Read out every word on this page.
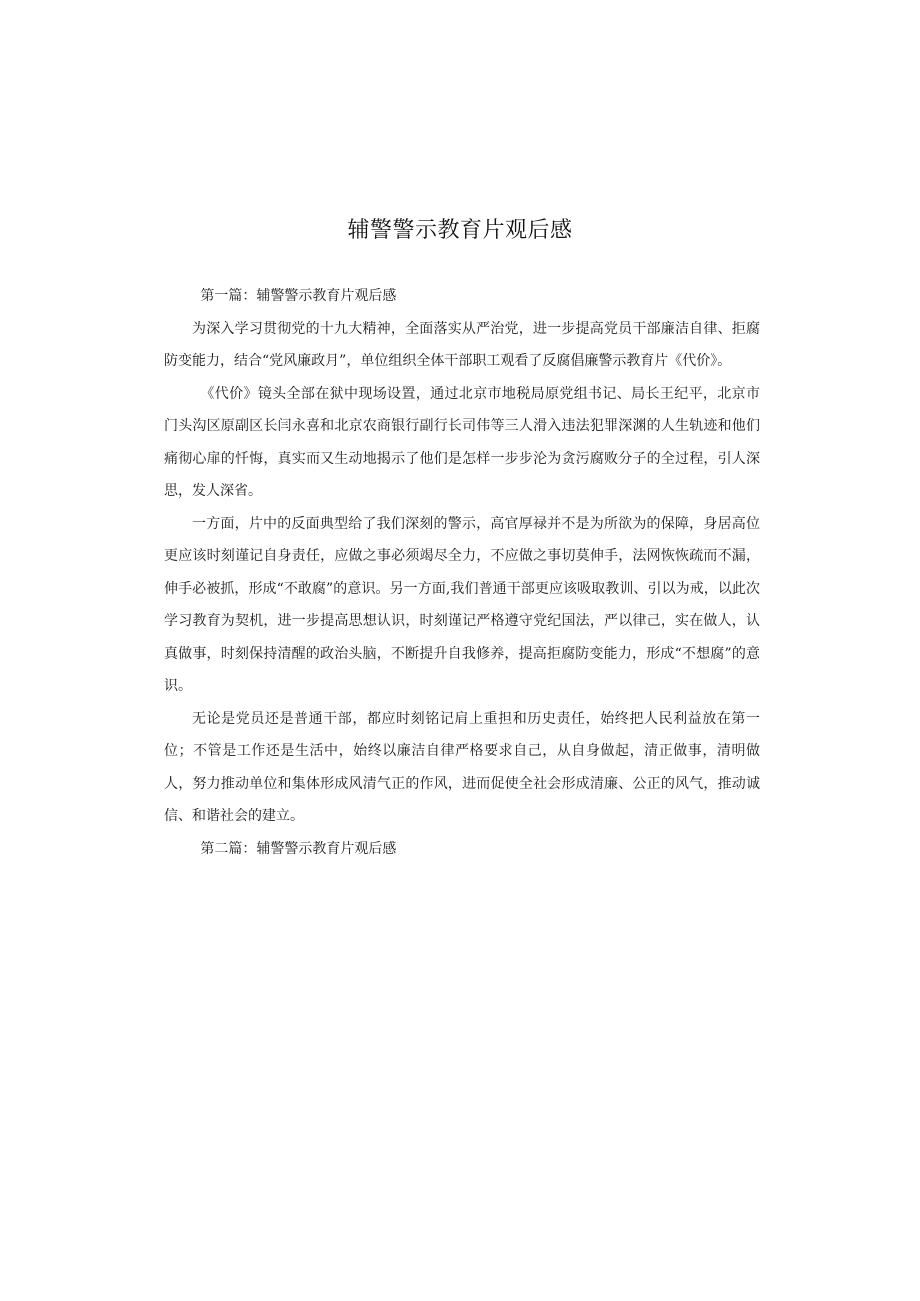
辅警警示教育片观后感

第一篇：辅警警示教育片观后感

为深入学习贯彻党的十九大精神，全面落实从严治党，进一步提高党员干部廉洁自律、拒腐防变能力，结合“党风廉政月”，单位组织全体干部职工观看了反腐倡廉警示教育片《代价》。

《代价》镜头全部在狱中现场设置，通过北京市地税局原党组书记、局长王纪平，北京市门头沟区原副区长闫永喜和北京农商银行副行长司伟等三人滑入违法犯罪深渊的人生轨迹和他们痛彻心扉的忏悔，真实而又生动地揭示了他们是怎样一步步沦为贪污腐败分子的全过程，引人深思，发人深省。

一方面，片中的反面典型给了我们深刻的警示，高官厚禄并不是为所欲为的保障，身居高位更应该时刻谨记自身责任，应做之事必须竭尽全力，不应做之事切莫伸手，法网恢恢疏而不漏，伸手必被抓，形成“不敢腐”的意识。另一方面,我们普通干部更应该吸取教训、引以为戒，以此次学习教育为契机，进一步提高思想认识，时刻谨记严格遵守党纪国法，严以律己，实在做人，认真做事，时刻保持清醒的政治头脑，不断提升自我修养，提高拒腐防变能力，形成“不想腐”的意识。

无论是党员还是普通干部，都应时刻铭记肩上重担和历史责任，始终把人民利益放在第一位；不管是工作还是生活中，始终以廉洁自律严格要求自己，从自身做起，清正做事，清明做人，努力推动单位和集体形成风清气正的作风，进而促使全社会形成清廉、公正的风气，推动诚信、和谐社会的建立。

第二篇：辅警警示教育片观后感
